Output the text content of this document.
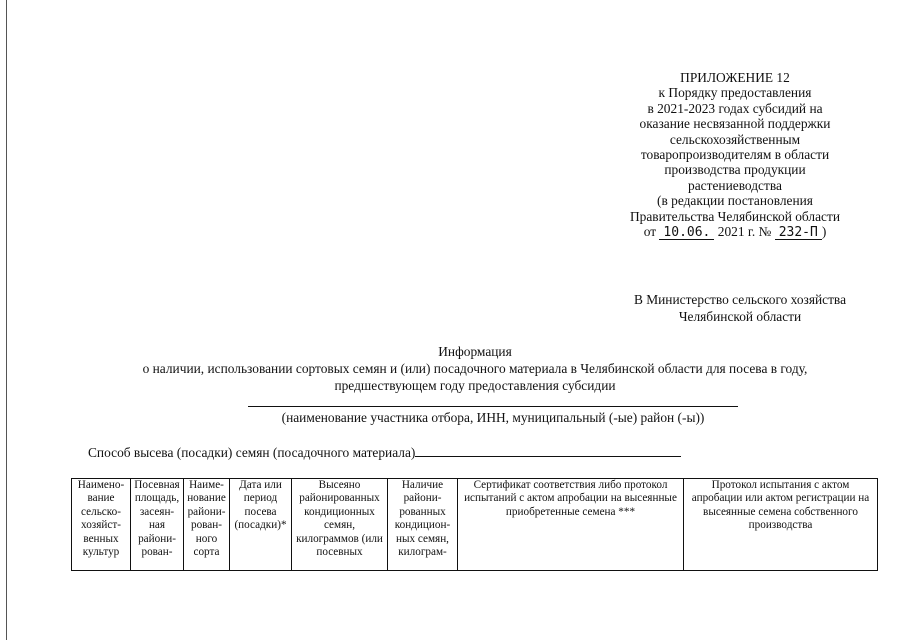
ПРИЛОЖЕНИЕ 12
к Порядку предоставления
в 2021-2023 годах субсидий на
оказание несвязанной поддержки
сельскохозяйственным
товаропроизводителям в области
производства продукции
растениеводства
(в редакции постановления
Правительства Челябинской области
от 10.06. 2021 г. № 232-П )
В Министерство сельского хозяйства
Челябинской области
Информация
о наличии, использовании сортовых семян и (или) посадочного материала в Челябинской области для посева в году,
предшествующем году предоставления субсидии
(наименование участника отбора, ИНН, муниципальный (-ые) район (-ы))
Способ высева (посадки) семян (посадочного материала)
Наимено-вание сельско-хозяйст-венных культур	Посевная площадь, засеян-ная райони-рован-	Наиме-нование райони-рован-ного сорта	Дата или период посева (посадки)*	Высеяно районированных кондиционных семян, килограммов (или посевных	Наличие райони-рованных кондицион-ных семян, килограм-	Сертификат соответствия либо протокол испытаний с актом апробации на высеянные приобретенные семена ***	Протокол испытания с актом апробации или актом регистрации на высеянные семена собственного производства
